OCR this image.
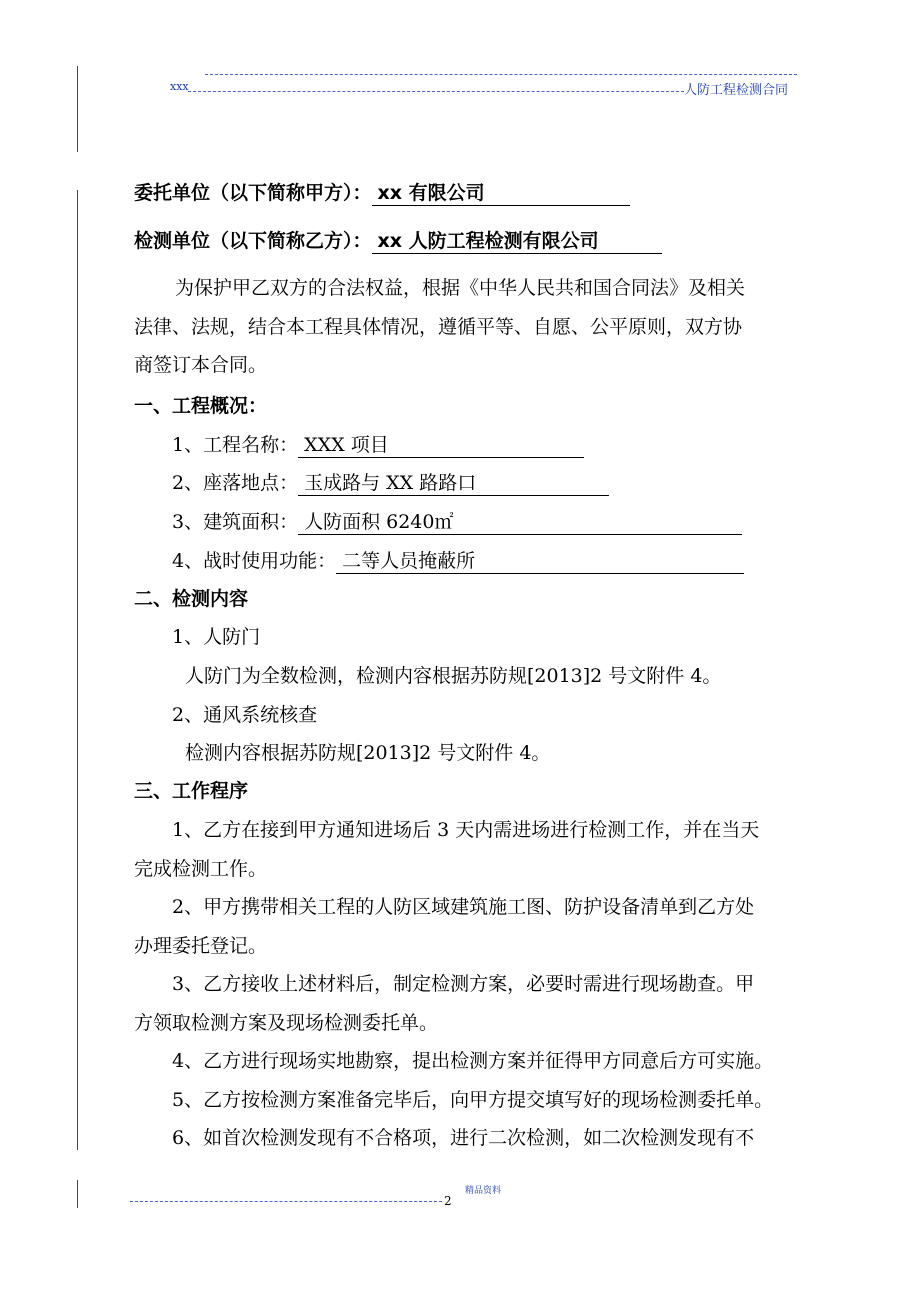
xxx	人防工程检测合同
委托单位（以下简称甲方）： xx 有限公司
检测单位（以下简称乙方）： xx 人防工程检测有限公司
为保护甲乙双方的合法权益，根据《中华人民共和国合同法》及相关
法律、法规，结合本工程具体情况，遵循平等、自愿、公平原则，双方协
商签订本合同。
一、工程概况：
1、工程名称： XXX 项目
2、座落地点： 玉成路与 XX 路路口
3、建筑面积： 人防面积 6240㎡
4、战时使用功能： 二等人员掩蔽所
二、检测内容
1、人防门
人防门为全数检测，检测内容根据苏防规[2013]2 号文附件 4。
2、通风系统核查
检测内容根据苏防规[2013]2 号文附件 4。
三、工作程序
1、乙方在接到甲方通知进场后 3 天内需进场进行检测工作，并在当天
完成检测工作。
2、甲方携带相关工程的人防区域建筑施工图、防护设备清单到乙方处
办理委托登记。
3、乙方接收上述材料后，制定检测方案，必要时需进行现场勘查。甲
方领取检测方案及现场检测委托单。
4、乙方进行现场实地勘察，提出检测方案并征得甲方同意后方可实施。
5、乙方按检测方案准备完毕后，向甲方提交填写好的现场检测委托单。
6、如首次检测发现有不合格项，进行二次检测，如二次检测发现有不
精品资料
2
